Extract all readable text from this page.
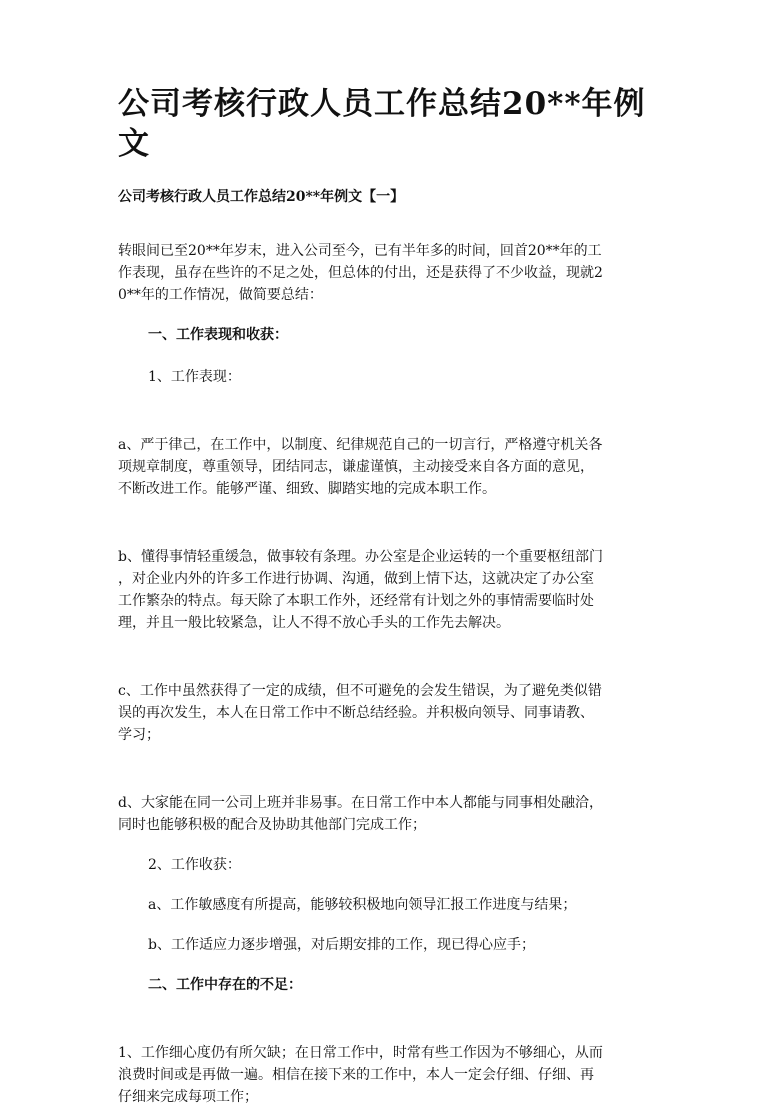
公司考核行政人员工作总结20**年例文

公司考核行政人员工作总结20**年例文【一】

转眼间已至20**年岁末，进入公司至今，已有半年多的时间，回首20**年的工
作表现，虽存在些许的不足之处，但总体的付出，还是获得了不少收益，现就2
0**年的工作情况，做简要总结：

一、工作表现和收获：

1、工作表现：

a、严于律己，在工作中，以制度、纪律规范自己的一切言行，严格遵守机关各
项规章制度，尊重领导，团结同志，谦虚谨慎，主动接受来自各方面的意见，
不断改进工作。能够严谨、细致、脚踏实地的完成本职工作。

b、懂得事情轻重缓急，做事较有条理。办公室是企业运转的一个重要枢纽部门
，对企业内外的许多工作进行协调、沟通，做到上情下达，这就决定了办公室
工作繁杂的特点。每天除了本职工作外，还经常有计划之外的事情需要临时处
理，并且一般比较紧急，让人不得不放心手头的工作先去解决。

c、工作中虽然获得了一定的成绩，但不可避免的会发生错误，为了避免类似错
误的再次发生，本人在日常工作中不断总结经验。并积极向领导、同事请教、
学习；

d、大家能在同一公司上班并非易事。在日常工作中本人都能与同事相处融洽，
同时也能够积极的配合及协助其他部门完成工作；

2、工作收获：

a、工作敏感度有所提高，能够较积极地向领导汇报工作进度与结果；

b、工作适应力逐步增强，对后期安排的工作，现已得心应手；

二、工作中存在的不足：

1、工作细心度仍有所欠缺；在日常工作中，时常有些工作因为不够细心，从而
浪费时间或是再做一遍。相信在接下来的工作中，本人一定会仔细、仔细、再
仔细来完成每项工作；
